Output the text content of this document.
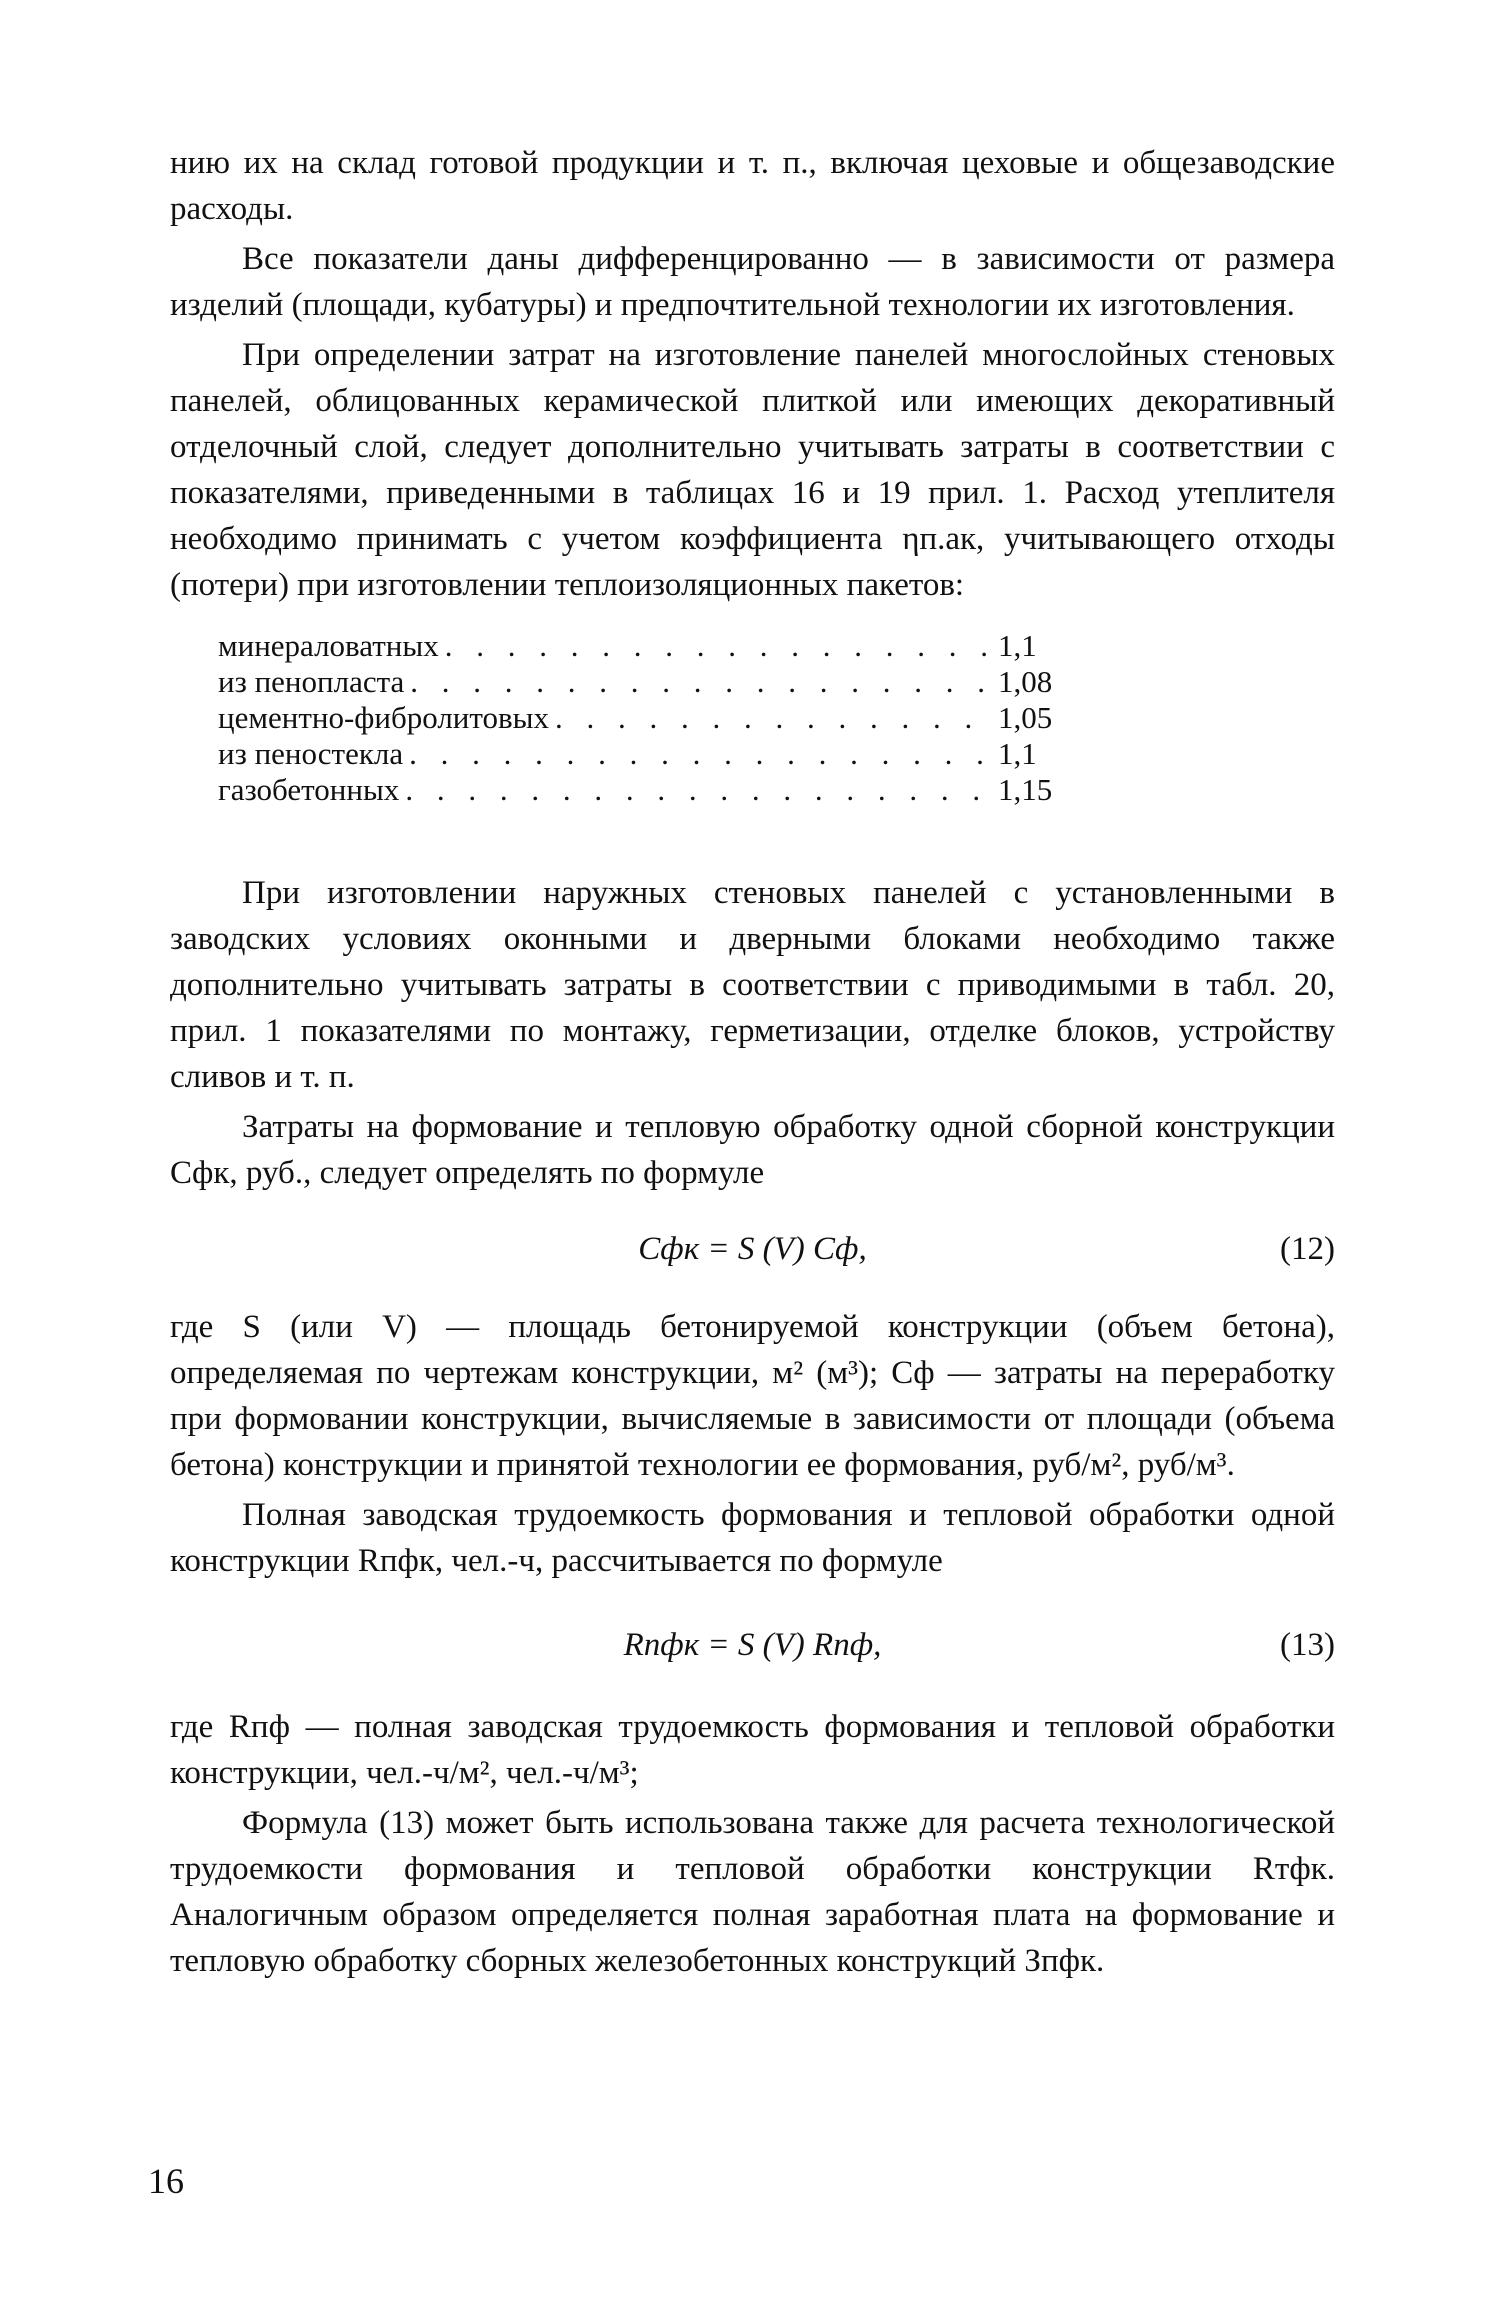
нию их на склад готовой продукции и т. п., включая цеховые и общезаводские расходы.

Все показатели даны дифференцированно — в зависимости от размера изделий (площади, кубатуры) и предпочтительной технологии их изготовления.

При определении затрат на изготовление панелей многослойных стеновых панелей, облицованных керамической плиткой или имеющих декоративный отделочный слой, следует дополнительно учитывать затраты в соответствии с показателями, приведенными в таблицах 16 и 19 прил. 1. Расход утеплителя необходимо принимать с учетом коэффициента ηп.ак, учитывающего отходы (потери) при изготовлении теплоизоляционных пакетов:

минераловатных . . .	1,1
из пенопласта . . .	1,08
цементно-фибролитовых . . .	1,05
из пеностекла . . .	1,1
газобетонных . . .	1,15

При изготовлении наружных стеновых панелей с установленными в заводских условиях оконными и дверными блоками необходимо также дополнительно учитывать затраты в соответствии с приводимыми в табл. 20, прил. 1 показателями по монтажу, герметизации, отделке блоков, устройству сливов и т. п.

Затраты на формование и тепловую обработку одной сборной конструкции Cфк, руб., следует определять по формуле

Cфк = S (V) Cф,	(12)

где S (или V) — площадь бетонируемой конструкции (объем бетона), определяемая по чертежам конструкции, м² (м³); Cф — затраты на переработку при формовании конструкции, вычисляемые в зависимости от площади (объема бетона) конструкции и принятой технологии ее формования, руб/м², руб/м³.

Полная заводская трудоемкость формования и тепловой обработки одной конструкции Rпфк, чел.-ч, рассчитывается по формуле

Rпфк = S (V) Rпф,	(13)

где Rпф — полная заводская трудоемкость формования и тепловой обработки конструкции, чел.-ч/м², чел.-ч/м³;

Формула (13) может быть использована также для расчета технологической трудоемкости формования и тепловой обработки конструкции Rтфк. Аналогичным образом определяется полная заработная плата на формование и тепловую обработку сборных железобетонных конструкций Зпфк.

16
